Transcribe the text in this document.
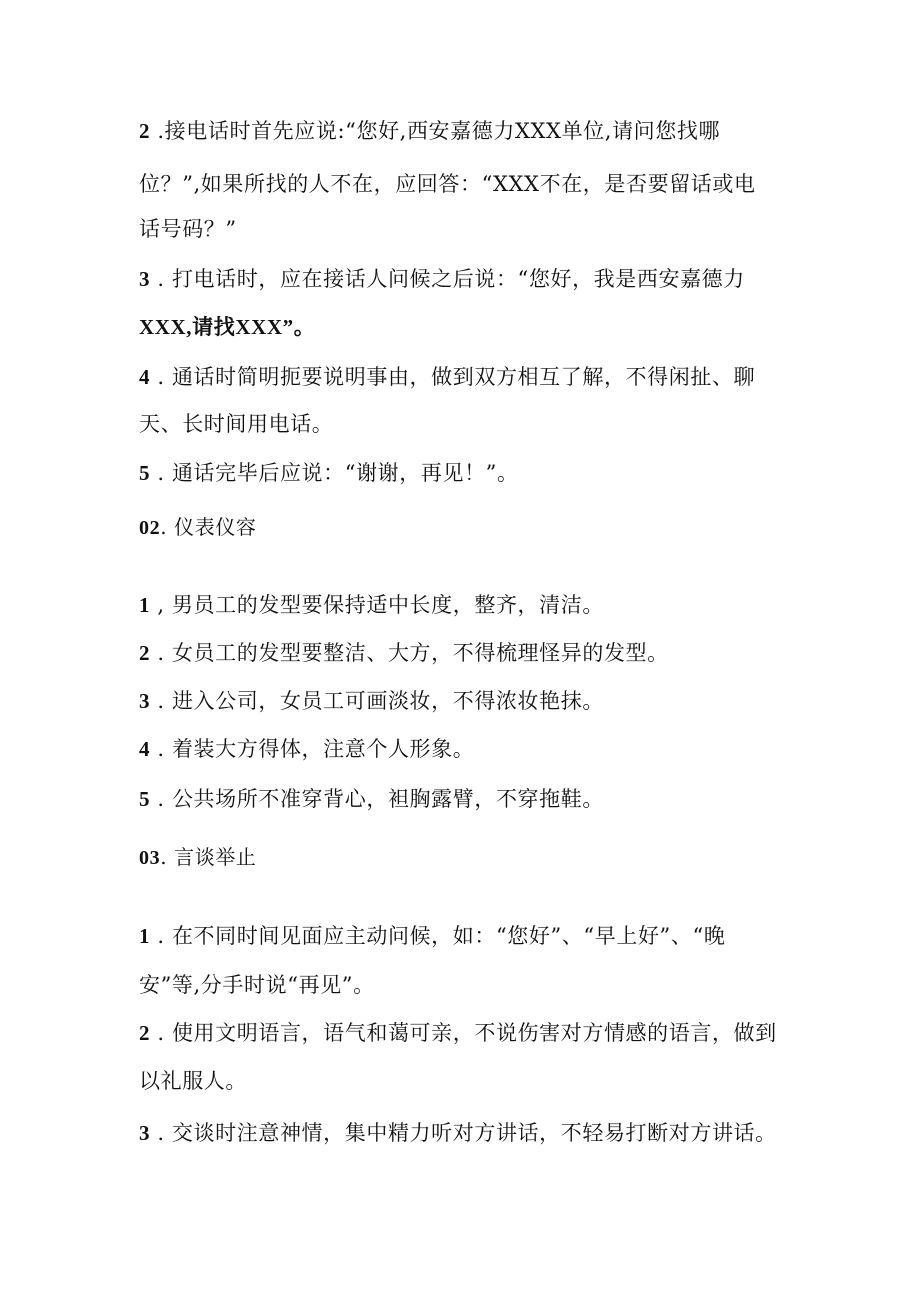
2 .接电话时首先应说:“您好,西安嘉德力XXX单位,请问您找哪
位？”,如果所找的人不在，应回答：“XXX不在，是否要留话或电
话号码？”
3 . 打电话时，应在接话人问候之后说：“您好，我是西安嘉德力
XXX,请找XXX”。
4 . 通话时简明扼要说明事由，做到双方相互了解，不得闲扯、聊
天、长时间用电话。
5 . 通话完毕后应说：“谢谢，再见！”。
02. 仪表仪容
1 , 男员工的发型要保持适中长度，整齐，清洁。
2 . 女员工的发型要整洁、大方，不得梳理怪异的发型。
3 . 进入公司，女员工可画淡妆，不得浓妆艳抹。
4 . 着装大方得体，注意个人形象。
5 . 公共场所不准穿背心，袒胸露臂，不穿拖鞋。
03. 言谈举止
1 . 在不同时间见面应主动问候，如：“您好”、“早上好”、“晚
安”等,分手时说“再见”。
2 . 使用文明语言，语气和蔼可亲，不说伤害对方情感的语言，做到
以礼服人。
3 . 交谈时注意神情，集中精力听对方讲话，不轻易打断对方讲话。
